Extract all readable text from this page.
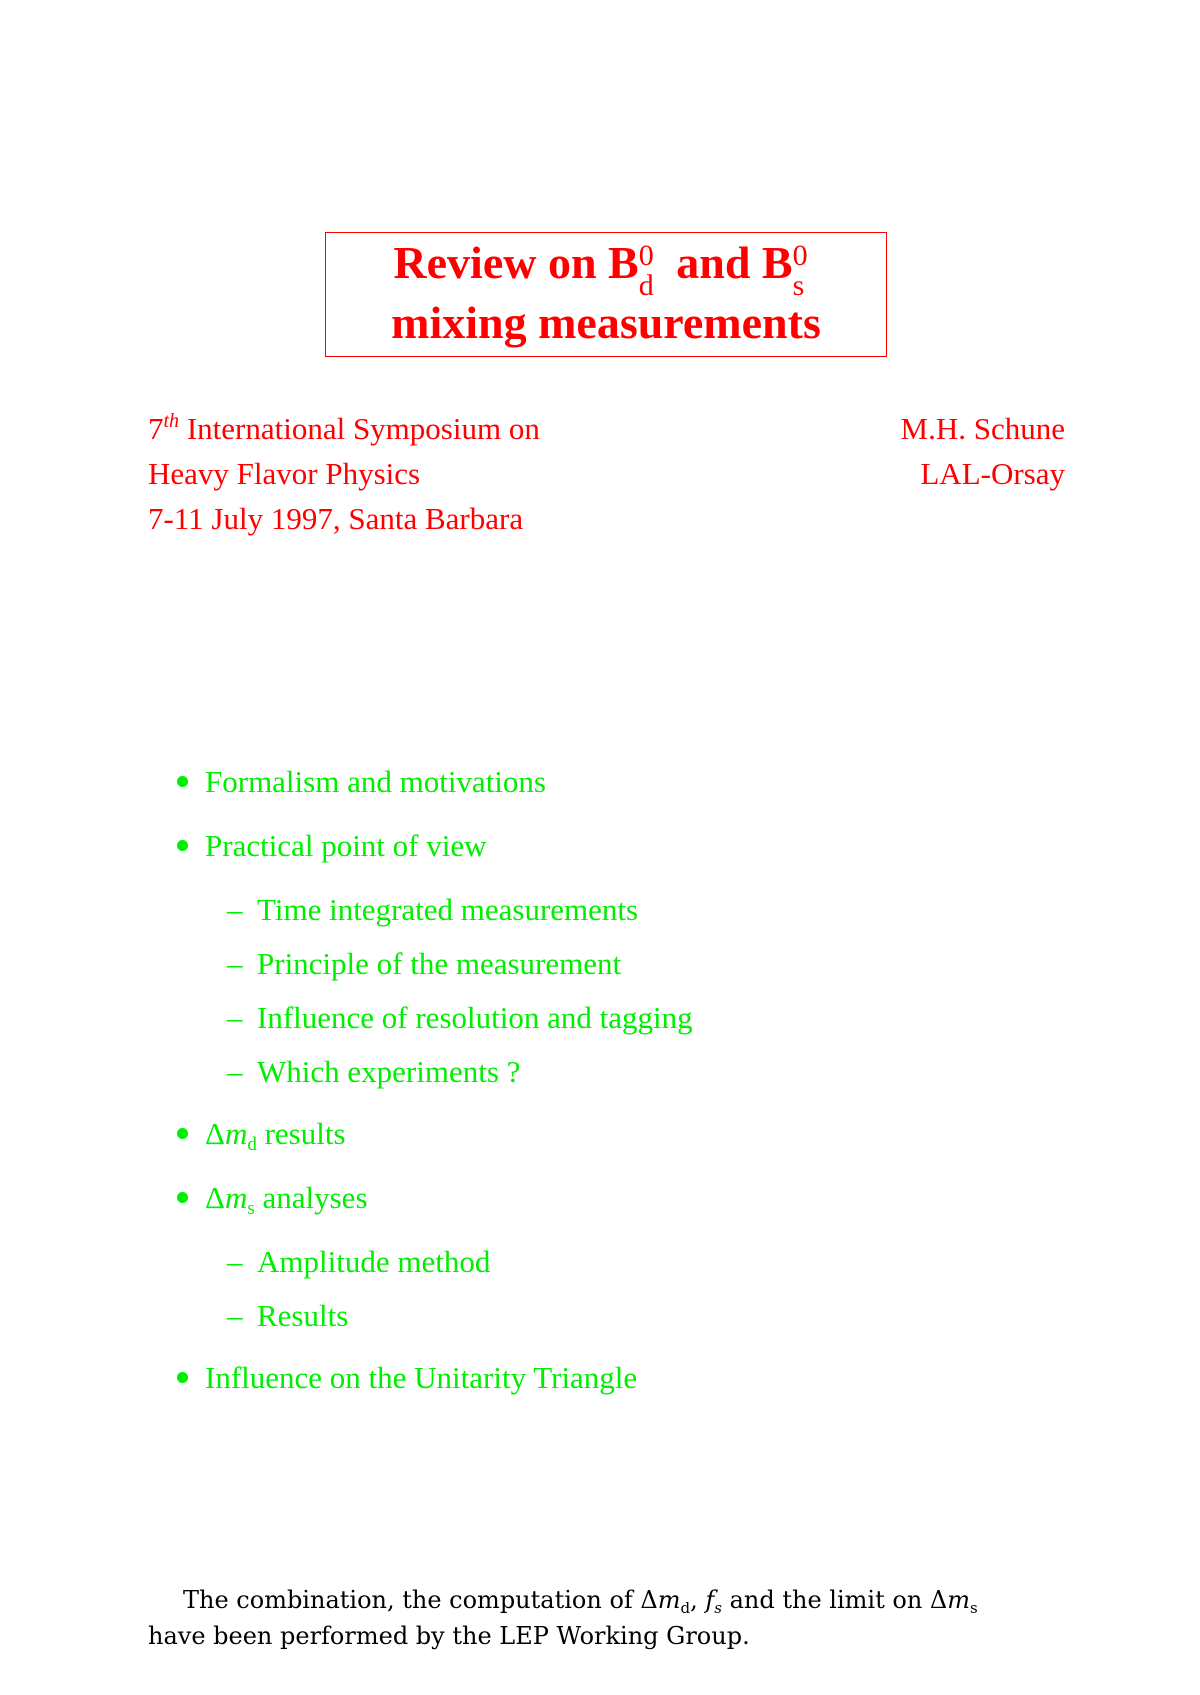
Review on B 0
d and B 0
s
mixing measurements
7th International Symposium on
Heavy Flavor Physics
7-11 July 1997, Santa Barbara
M.H. Schune
LAL-Orsay
Formalism and motivations
Practical point of view
– Time integrated measurements
– Principle of the measurement
– Influence of resolution and tagging
– Which experiments ?
Δmd results
Δms analyses
– Amplitude method
– Results
Influence on the Unitarity Triangle
The combination, the computation of $\Delta m_d$, $f_s$ and the limit on $\Delta m_s$
have been performed by the LEP Working Group.
